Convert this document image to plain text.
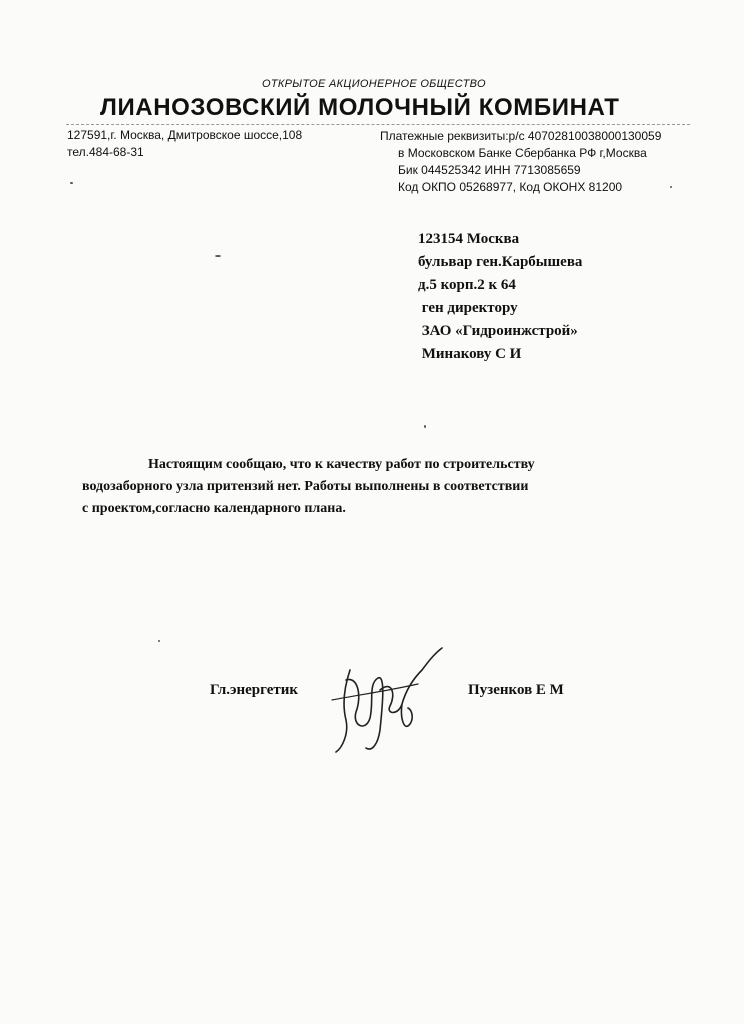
ОТКРЫТОЕ АКЦИОНЕРНОЕ ОБЩЕСТВО
ЛИАНОЗОВСКИЙ МОЛОЧНЫЙ КОМБИНАТ
127591,г. Москва, Дмитровское шоссе,108
тел.484-68-31
Платежные реквизиты:р/с 40702810038000130059
в Московском Банке Сбербанка РФ г,Москва
Бик 044525342 ИНН 7713085659
Код ОКПО 05268977, Код ОКОНХ 81200
123154 Москва
бульвар ген.Карбышева
д.5 корп.2 к 64
ген директору
ЗАО «Гидроинжстрой»
Минакову С И
Настоящим сообщаю, что к качеству работ по строительству
водозаборного узла притензий нет. Работы выполнены в соответствии
с проектом,согласно календарного плана.
Гл.энергетик	Пузенков Е М
